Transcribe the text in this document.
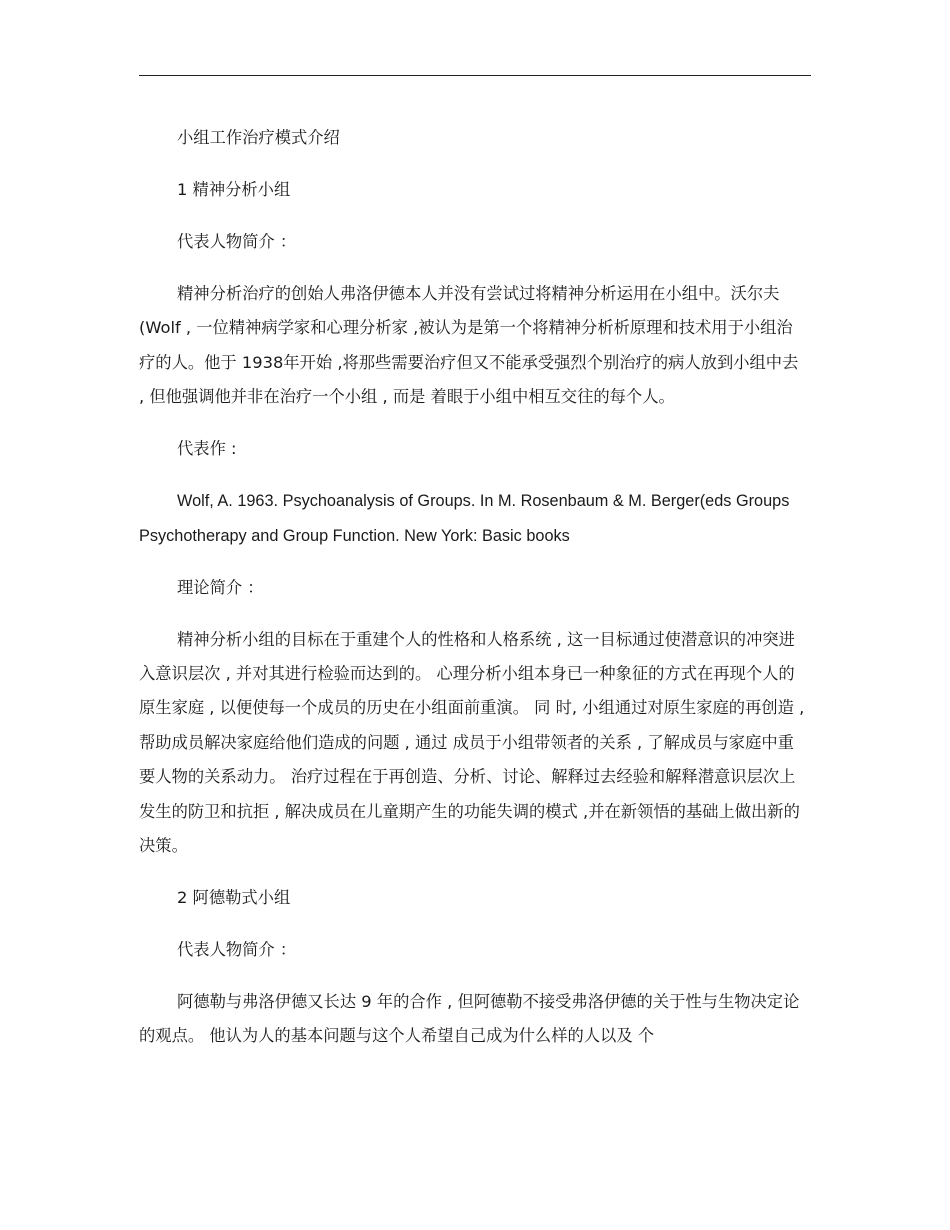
小组工作治疗模式介绍

1 精神分析小组

代表人物简介 ：

精神分析治疗的创始人弗洛伊德本人并没有尝试过将精神分析运用在小组中。沃尔夫 (Wolf , 一位精神病学家和心理分析家 ,被认为是第一个将精神分析析原理和技术用于小组治疗的人。他于 1938年开始 ,将那些需要治疗但又不能承受强烈个别治疗的病人放到小组中去 , 但他强调他并非在治疗一个小组 , 而是 着眼于小组中相互交往的每个人。

代表作 :

Wolf, A. 1963. Psychoanalysis of Groups. In M. Rosenbaum & M. Berger(eds Groups Psychotherapy and Group Function. New York: Basic books

理论简介 ：

精神分析小组的目标在于重建个人的性格和人格系统 , 这一目标通过使潜意识的冲突进入意识层次 , 并对其进行检验而达到的。 心理分析小组本身已一种象征的方式在再现个人的原生家庭 , 以便使每一个成员的历史在小组面前重演。 同 时, 小组通过对原生家庭的再创造 , 帮助成员解决家庭给他们造成的问题 , 通过 成员于小组带领者的关系 , 了解成员与家庭中重要人物的关系动力。 治疗过程在于再创造、分析、讨论、解释过去经验和解释潜意识层次上发生的防卫和抗拒 , 解决成员在儿童期产生的功能失调的模式 ,并在新领悟的基础上做出新的决策。

2 阿德勒式小组

代表人物简介 ：

阿德勒与弗洛伊德又长达 9 年的合作 , 但阿德勒不接受弗洛伊德的关于性与生物决定论的观点。 他认为人的基本问题与这个人希望自己成为什么样的人以及 个
